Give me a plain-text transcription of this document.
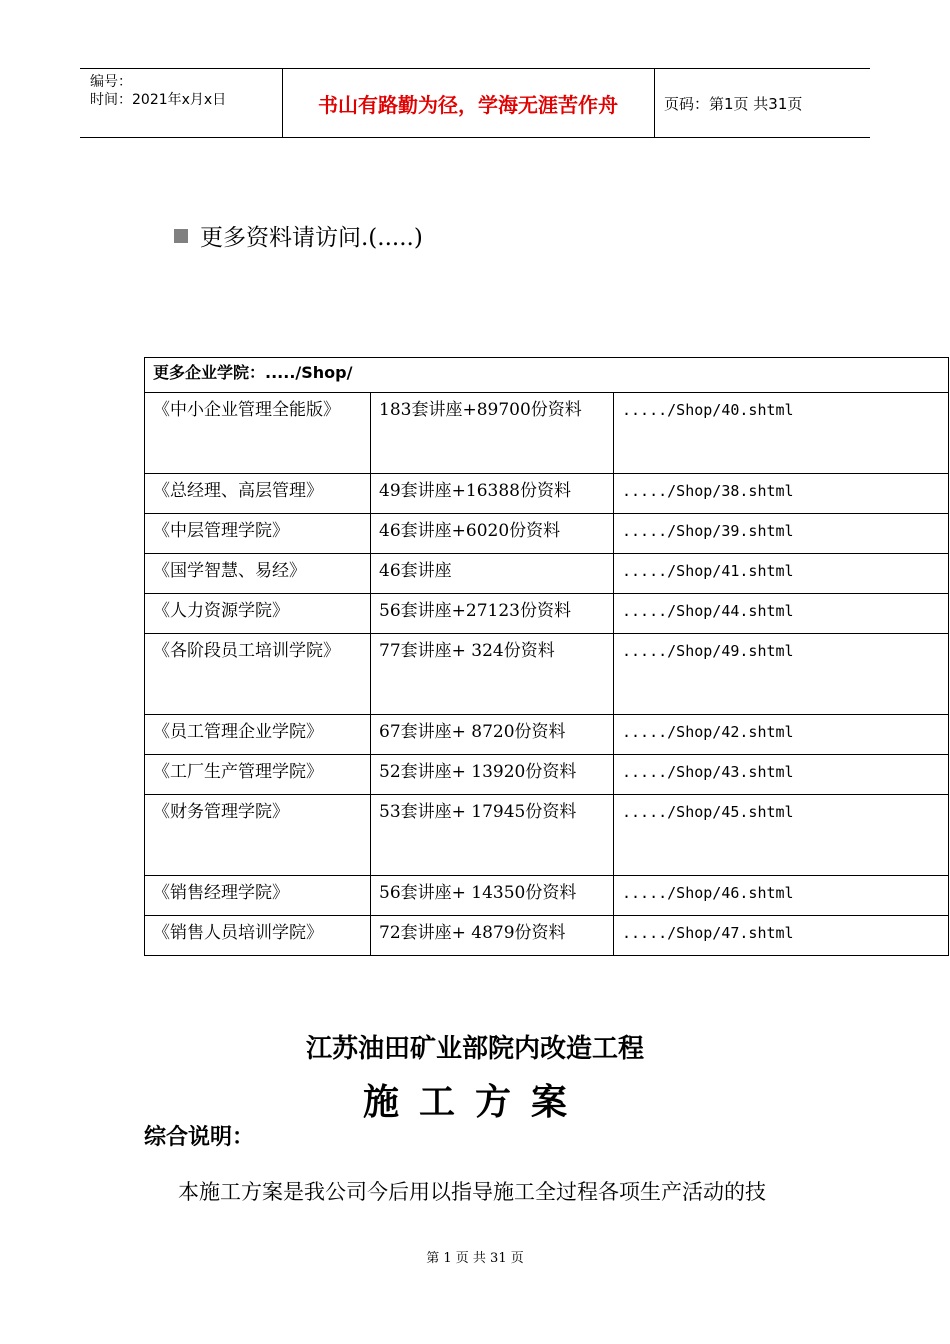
编号：
时间：2021年x月x日	书山有路勤为径，学海无涯苦作舟	页码：第1页 共31页
更多资料请访问.(.....)
更多企业学院：...../Shop/		

《中小企业管理全能版》	183套讲座+89700份资料	...../Shop/40.shtml

《总经理、高层管理》	49套讲座+16388份资料	...../Shop/38.shtml

《中层管理学院》	46套讲座+6020份资料	...../Shop/39.shtml

《国学智慧、易经》	46套讲座	...../Shop/41.shtml

《人力资源学院》	56套讲座+27123份资料	...../Shop/44.shtml

《各阶段员工培训学院》	77套讲座+ 324份资料	...../Shop/49.shtml

《员工管理企业学院》	67套讲座+ 8720份资料	...../Shop/42.shtml

《工厂生产管理学院》	52套讲座+ 13920份资料	...../Shop/43.shtml

《财务管理学院》	53套讲座+ 17945份资料	...../Shop/45.shtml

《销售经理学院》	56套讲座+ 14350份资料	...../Shop/46.shtml

《销售人员培训学院》	72套讲座+ 4879份资料	...../Shop/47.shtml
江苏油田矿业部院内改造工程
施工方案
综合说明：
本施工方案是我公司今后用以指导施工全过程各项生产活动的技
第 1 页 共 31 页
